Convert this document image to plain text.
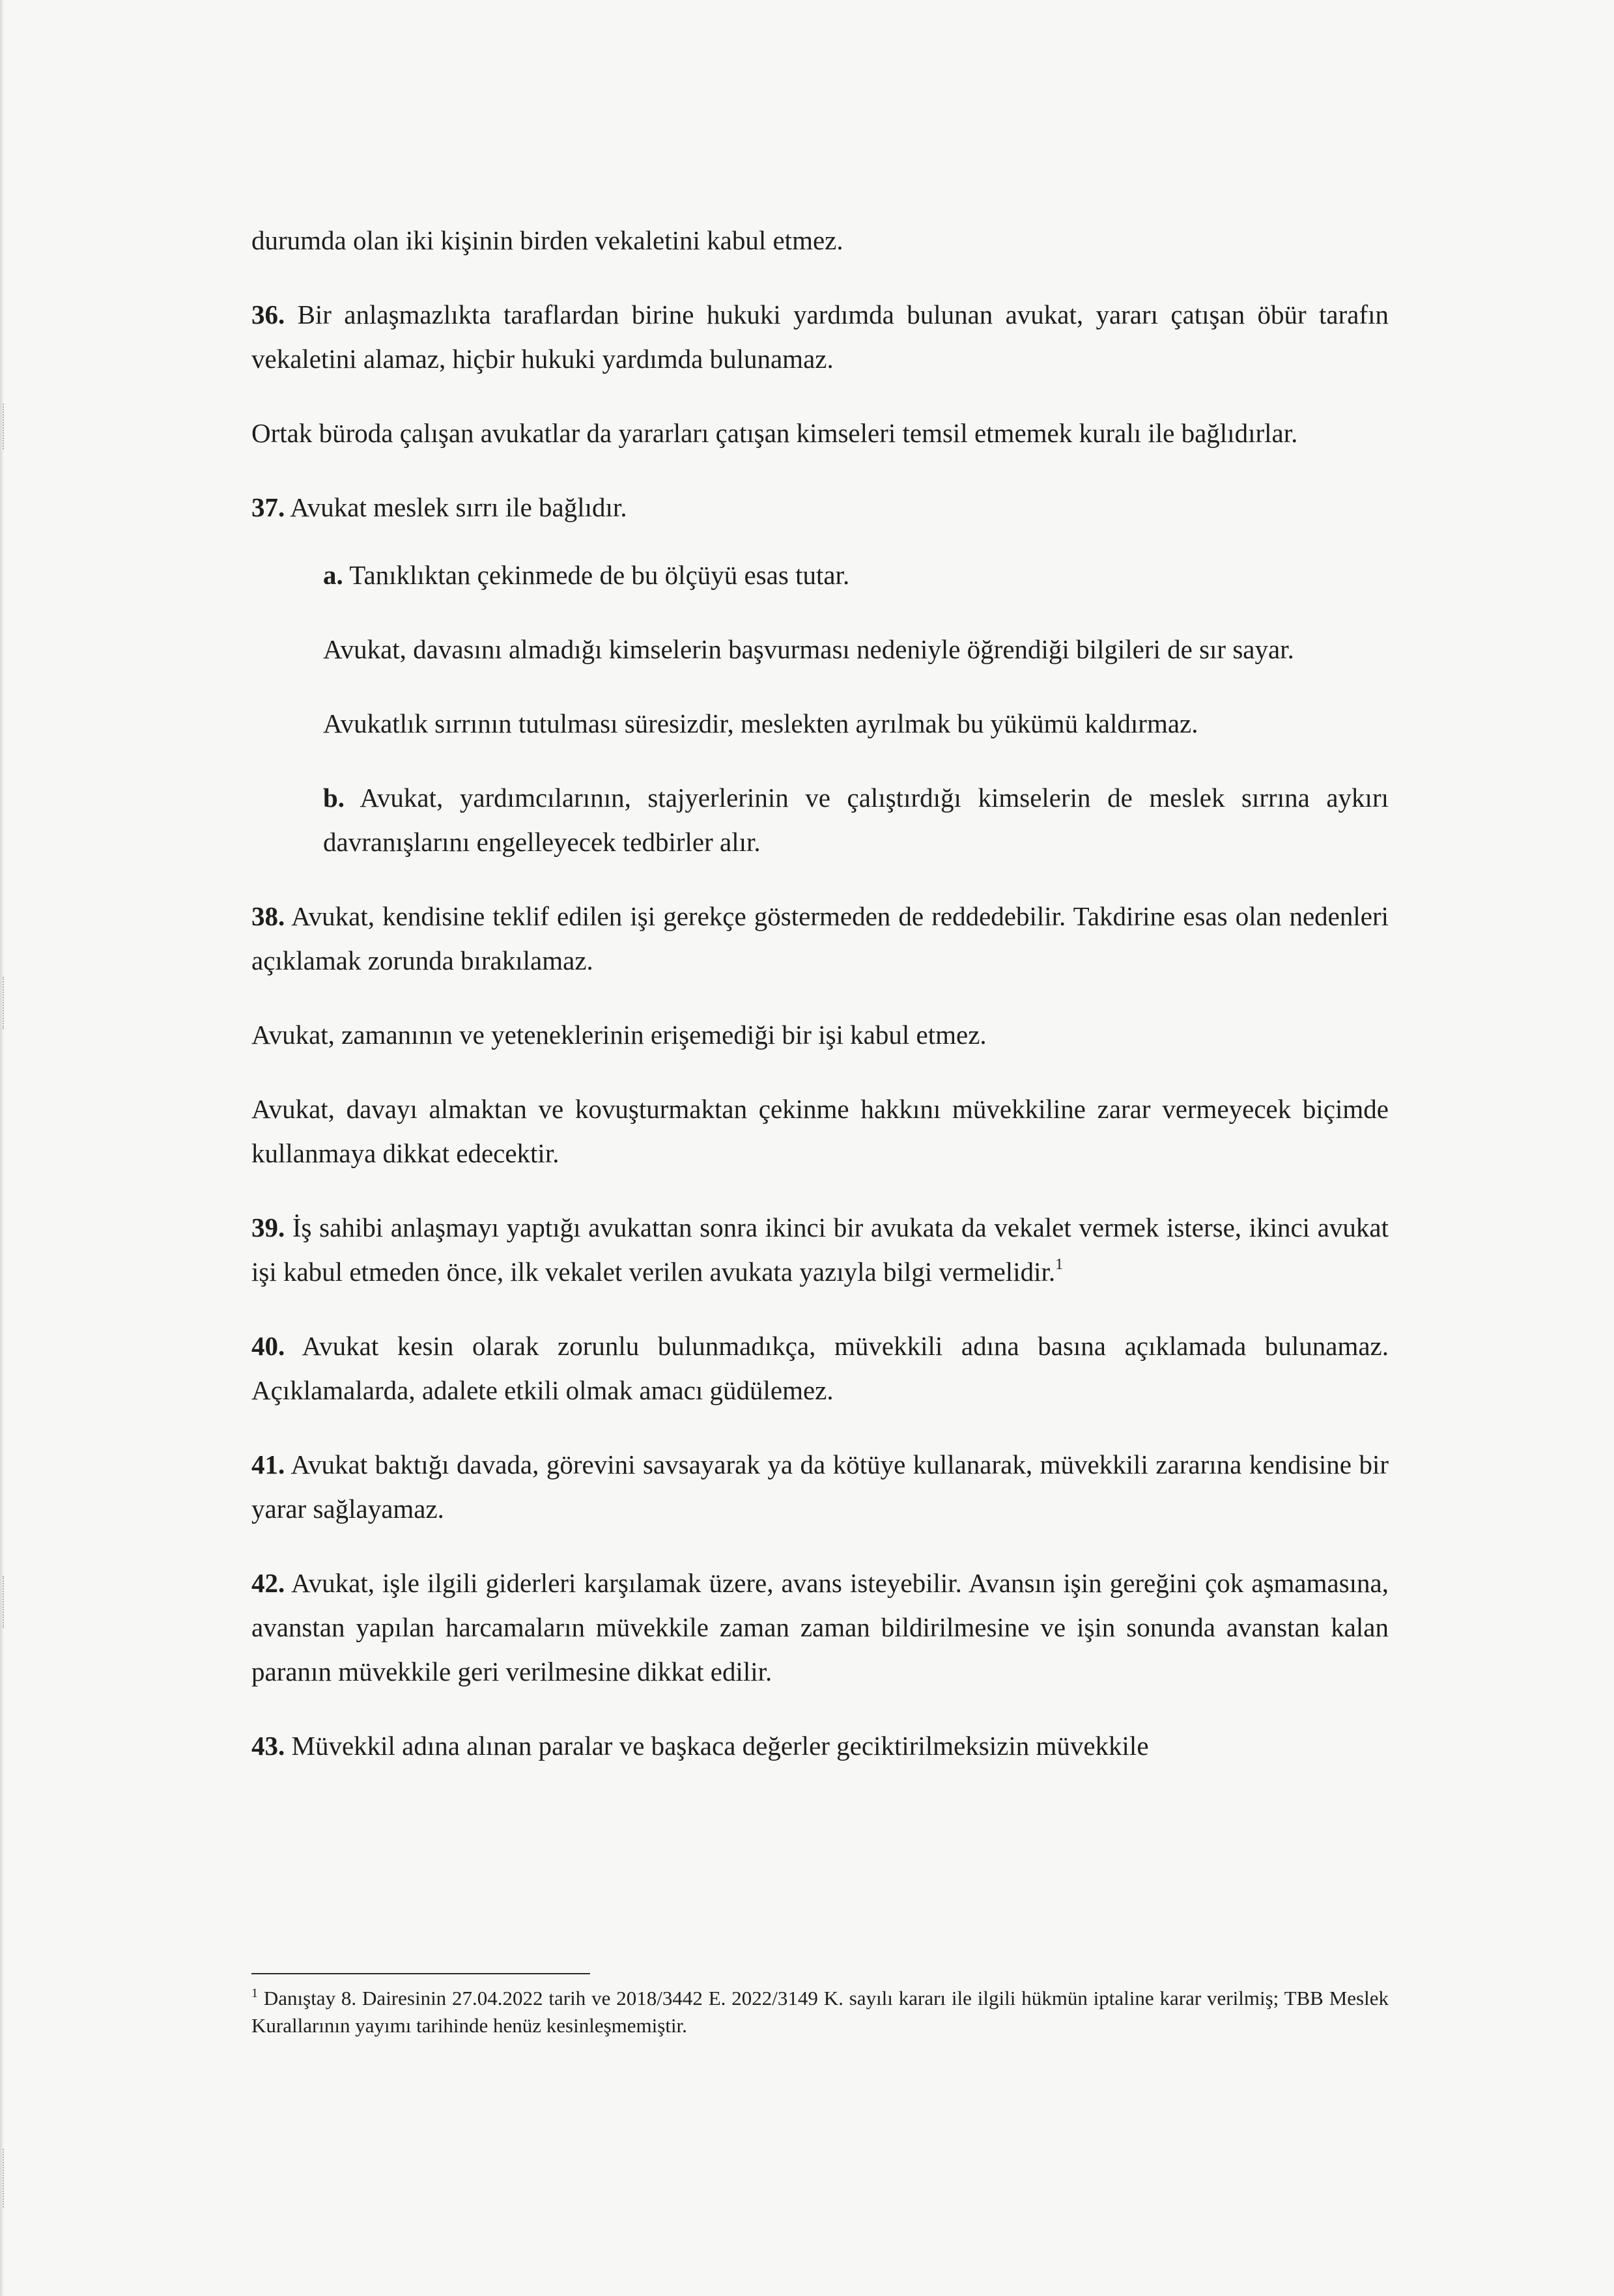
durumda olan iki kişinin birden vekaletini kabul etmez.

36. Bir anlaşmazlıkta taraflardan birine hukuki yardımda bulunan avukat, yararı çatışan öbür tarafın vekaletini alamaz, hiçbir hukuki yardımda bulunamaz.

Ortak büroda çalışan avukatlar da yararları çatışan kimseleri temsil etmemek kuralı ile bağlıdırlar.

37. Avukat meslek sırrı ile bağlıdır.

a. Tanıklıktan çekinmede de bu ölçüyü esas tutar.

Avukat, davasını almadığı kimselerin başvurması nedeniyle öğrendiği bilgileri de sır sayar.

Avukatlık sırrının tutulması süresizdir, meslekten ayrılmak bu yükümü kaldırmaz.

b. Avukat, yardımcılarının, stajyerlerinin ve çalıştırdığı kimselerin de meslek sırrına aykırı davranışlarını engelleyecek tedbirler alır.

38. Avukat, kendisine teklif edilen işi gerekçe göstermeden de reddedebilir. Takdirine esas olan nedenleri açıklamak zorunda bırakılamaz.

Avukat, zamanının ve yeteneklerinin erişemediği bir işi kabul etmez.

Avukat, davayı almaktan ve kovuşturmaktan çekinme hakkını müvekkiline zarar vermeyecek biçimde kullanmaya dikkat edecektir.

39. İş sahibi anlaşmayı yaptığı avukattan sonra ikinci bir avukata da vekalet vermek isterse, ikinci avukat işi kabul etmeden önce, ilk vekalet verilen avukata yazıyla bilgi vermelidir.$^1$

40. Avukat kesin olarak zorunlu bulunmadıkça, müvekkili adına basına açıklamada bulunamaz. Açıklamalarda, adalete etkili olmak amacı güdülemez.

41. Avukat baktığı davada, görevini savsayarak ya da kötüye kullanarak, müvekkili zararına kendisine bir yarar sağlayamaz.

42. Avukat, işle ilgili giderleri karşılamak üzere, avans isteyebilir. Avansın işin gereğini çok aşmamasına, avanstan yapılan harcamaların müvekkile zaman zaman bildirilmesine ve işin sonunda avanstan kalan paranın müvekkile geri verilmesine dikkat edilir.

43. Müvekkil adına alınan paralar ve başkaca değerler geciktirilmeksizin müvekkile

$^1$ Danıştay 8. Dairesinin 27.04.2022 tarih ve 2018/3442 E. 2022/3149 K. sayılı kararı ile ilgili hükmün iptaline karar verilmiş; TBB Meslek Kurallarının yayımı tarihinde henüz kesinleşmemiştir.
